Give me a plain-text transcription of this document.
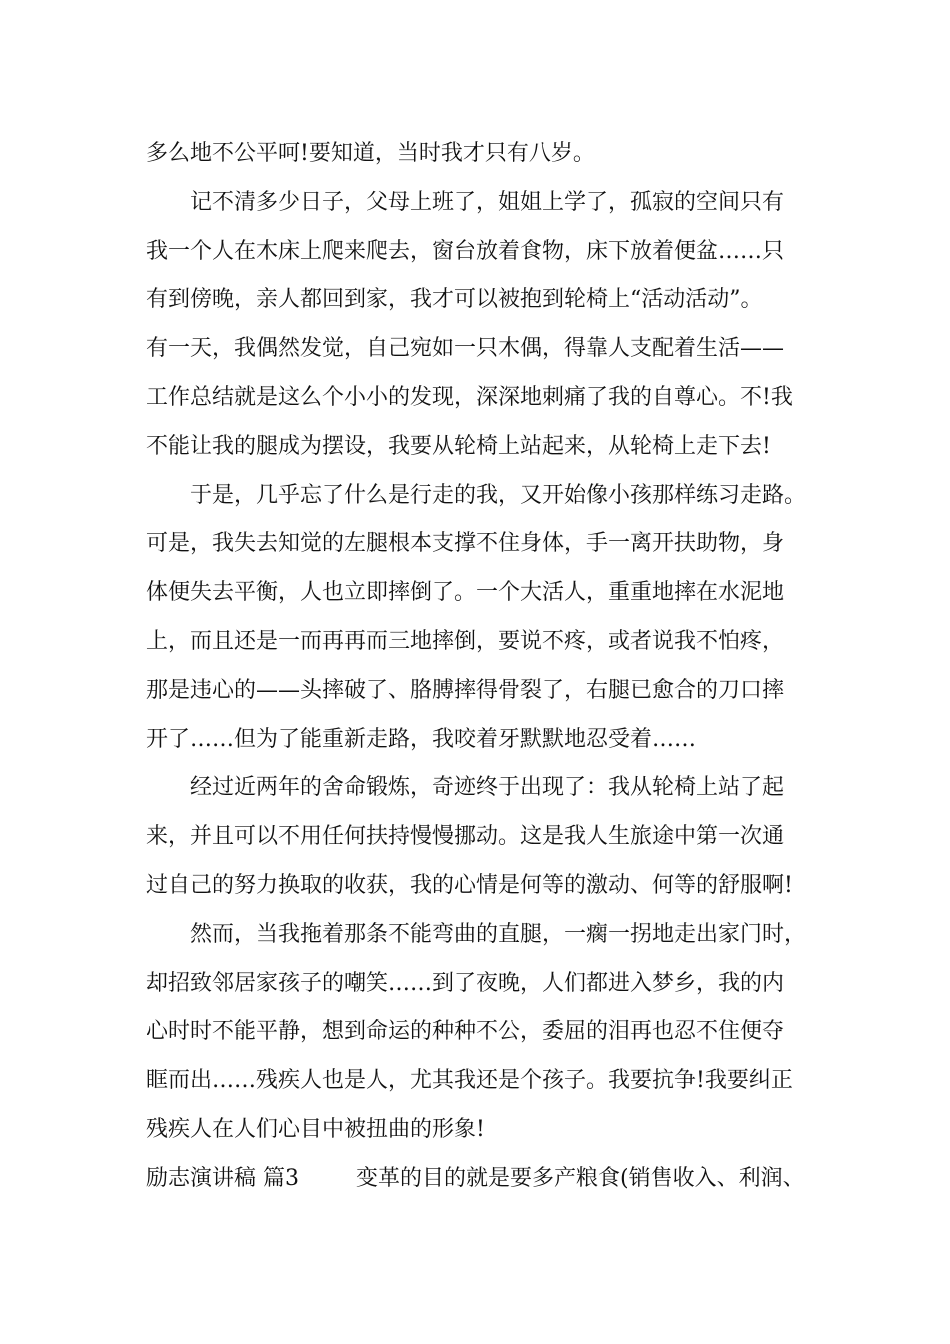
多么地不公平呵!要知道，当时我才只有八岁。
记不清多少日子，父母上班了，姐姐上学了，孤寂的空间只有
我一个人在木床上爬来爬去，窗台放着食物，床下放着便盆……只
有到傍晚，亲人都回到家，我才可以被抱到轮椅上“活动活动”。
有一天，我偶然发觉，自己宛如一只木偶，得靠人支配着生活——
工作总结就是这么个小小的发现，深深地刺痛了我的自尊心。不!我
不能让我的腿成为摆设，我要从轮椅上站起来，从轮椅上走下去!
于是，几乎忘了什么是行走的我，又开始像小孩那样练习走路。
可是，我失去知觉的左腿根本支撑不住身体，手一离开扶助物，身
体便失去平衡，人也立即摔倒了。一个大活人，重重地摔在水泥地
上，而且还是一而再再而三地摔倒，要说不疼，或者说我不怕疼，
那是违心的——头摔破了、胳膊摔得骨裂了，右腿已愈合的刀口摔
开了……但为了能重新走路，我咬着牙默默地忍受着……
经过近两年的舍命锻炼，奇迹终于出现了：我从轮椅上站了起
来，并且可以不用任何扶持慢慢挪动。这是我人生旅途中第一次通
过自己的努力换取的收获，我的心情是何等的激动、何等的舒服啊!
然而，当我拖着那条不能弯曲的直腿，一瘸一拐地走出家门时，
却招致邻居家孩子的嘲笑……到了夜晚，人们都进入梦乡，我的内
心时时不能平静，想到命运的种种不公，委屈的泪再也忍不住便夺
眶而出……残疾人也是人，尤其我还是个孩子。我要抗争!我要纠正
残疾人在人们心目中被扭曲的形象!
励志演讲稿 篇3	变革的目的就是要多产粮食(销售收入、利润、
